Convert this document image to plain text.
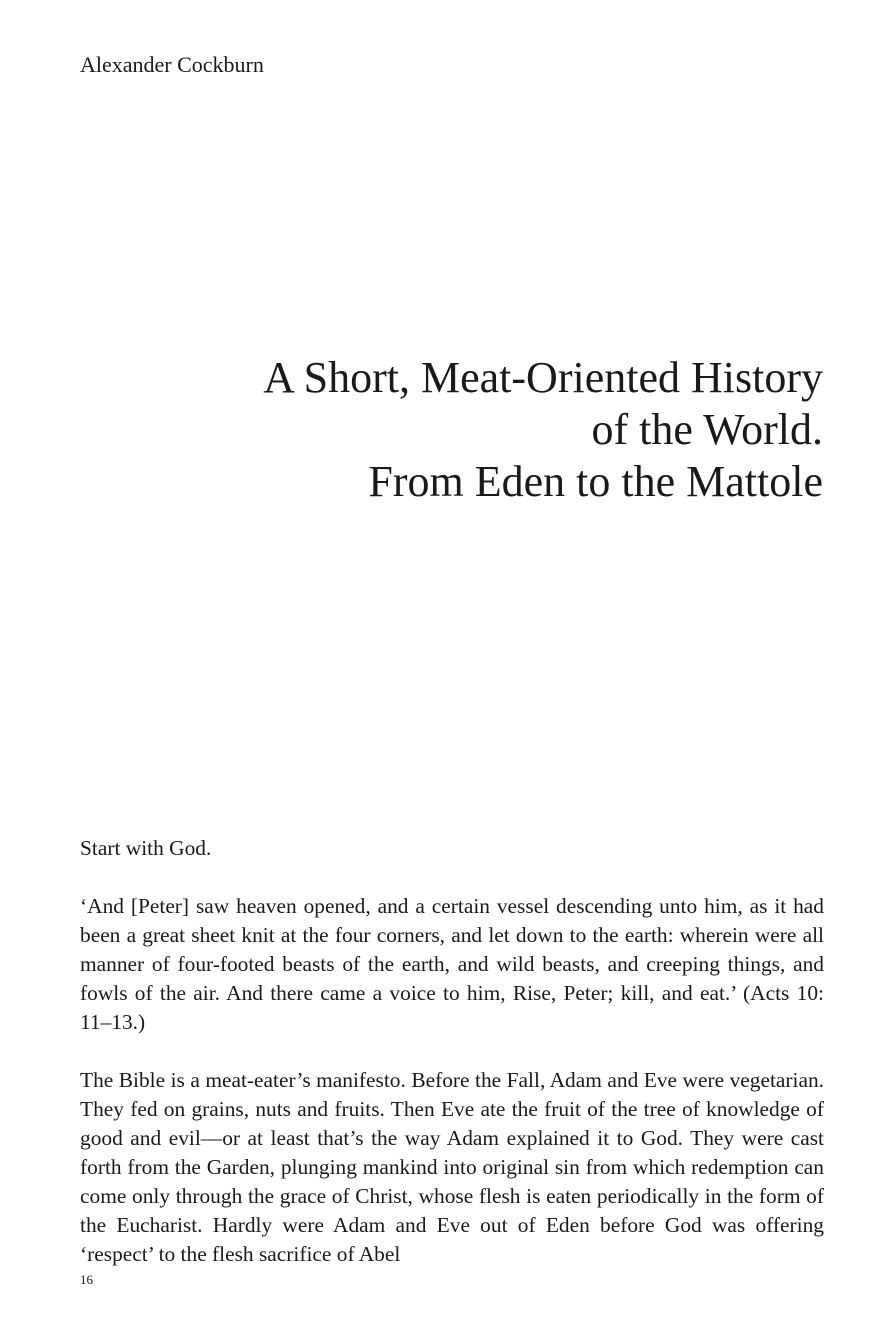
Alexander Cockburn
A Short, Meat-Oriented History
of the World.
From Eden to the Mattole

Start with God.

‘And [Peter] saw heaven opened, and a certain vessel descending unto him, as it had been a great sheet knit at the four corners, and let down to the earth: wherein were all manner of four-footed beasts of the earth, and wild beasts, and creeping things, and fowls of the air. And there came a voice to him, Rise, Peter; kill, and eat.’ (Acts 10: 11–13.)

The Bible is a meat-eater’s manifesto. Before the Fall, Adam and Eve were vegetarian. They fed on grains, nuts and fruits. Then Eve ate the fruit of the tree of knowledge of good and evil—or at least that’s the way Adam explained it to God. They were cast forth from the Garden, plunging mankind into original sin from which redemption can come only through the grace of Christ, whose flesh is eaten periodically in the form of the Eucharist. Hardly were Adam and Eve out of Eden before God was offering ‘respect’ to the flesh sacrifice of Abel

16
